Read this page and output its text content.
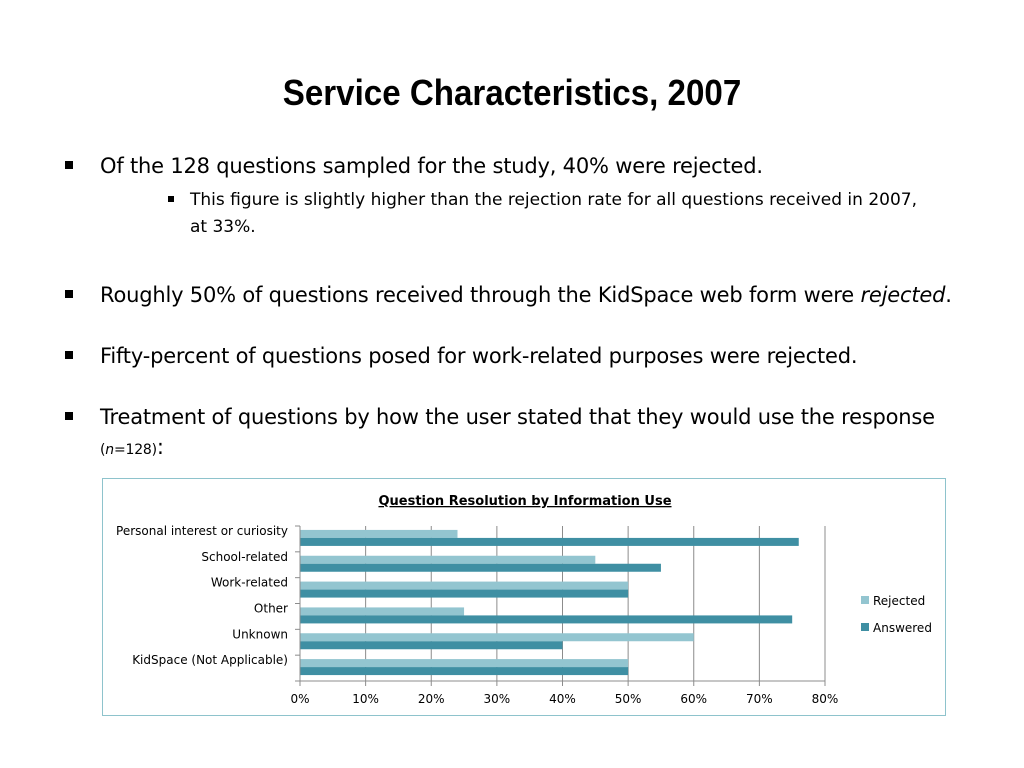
Service Characteristics, 2007
Of the 128 questions sampled for the study, 40% were rejected.
This figure is slightly higher than the rejection rate for all questions received in 2007, at 33%.
Roughly 50% of questions received through the KidSpace web form were rejected.
Fifty-percent of questions posed for work-related purposes were rejected.
Treatment of questions by how the user stated that they would use the response
(n=128):
Question Resolution by Information Use
0%	10%	20%	30%	40%	50%	60%	70%	80%
Personal interest or curiosity
School-related
Work-related
Other
Unknown
KidSpace (Not Applicable)
Rejected
Answered
